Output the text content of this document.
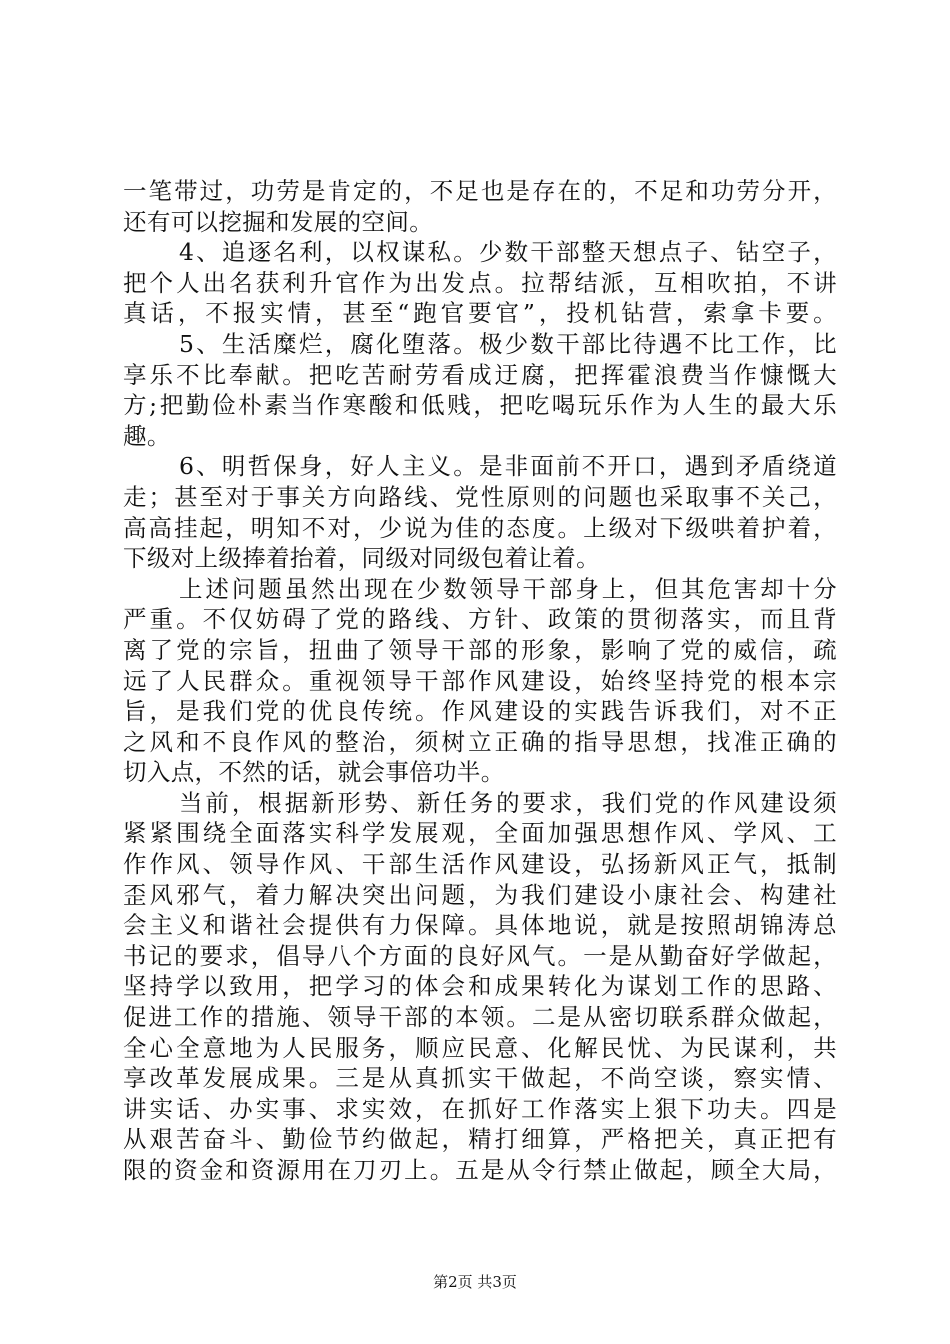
一笔带过，功劳是肯定的，不足也是存在的，不足和功劳分开，
还有可以挖掘和发展的空间。
4、追逐名利，以权谋私。少数干部整天想点子、钻空子，
把个人出名获利升官作为出发点。拉帮结派，互相吹拍，不讲
真话，不报实情，甚至“跑官要官”，投机钻营，索拿卡要。
5、生活糜烂，腐化堕落。极少数干部比待遇不比工作，比
享乐不比奉献。把吃苦耐劳看成迂腐，把挥霍浪费当作慷慨大
方;把勤俭朴素当作寒酸和低贱，把吃喝玩乐作为人生的最大乐
趣。
6、明哲保身，好人主义。是非面前不开口，遇到矛盾绕道
走；甚至对于事关方向路线、党性原则的问题也采取事不关己，
高高挂起，明知不对，少说为佳的态度。上级对下级哄着护着，
下级对上级捧着抬着，同级对同级包着让着。
上述问题虽然出现在少数领导干部身上，但其危害却十分
严重。不仅妨碍了党的路线、方针、政策的贯彻落实，而且背
离了党的宗旨，扭曲了领导干部的形象，影响了党的威信，疏
远了人民群众。重视领导干部作风建设，始终坚持党的根本宗
旨，是我们党的优良传统。作风建设的实践告诉我们，对不正
之风和不良作风的整治，须树立正确的指导思想，找准正确的
切入点，不然的话，就会事倍功半。
当前，根据新形势、新任务的要求，我们党的作风建设须
紧紧围绕全面落实科学发展观，全面加强思想作风、学风、工
作作风、领导作风、干部生活作风建设，弘扬新风正气，抵制
歪风邪气，着力解决突出问题，为我们建设小康社会、构建社
会主义和谐社会提供有力保障。具体地说，就是按照胡锦涛总
书记的要求，倡导八个方面的良好风气。一是从勤奋好学做起，
坚持学以致用，把学习的体会和成果转化为谋划工作的思路、
促进工作的措施、领导干部的本领。二是从密切联系群众做起，
全心全意地为人民服务，顺应民意、化解民忧、为民谋利，共
享改革发展成果。三是从真抓实干做起，不尚空谈，察实情、
讲实话、办实事、求实效，在抓好工作落实上狠下功夫。四是
从艰苦奋斗、勤俭节约做起，精打细算，严格把关，真正把有
限的资金和资源用在刀刃上。五是从令行禁止做起，顾全大局，
第2页 共3页
